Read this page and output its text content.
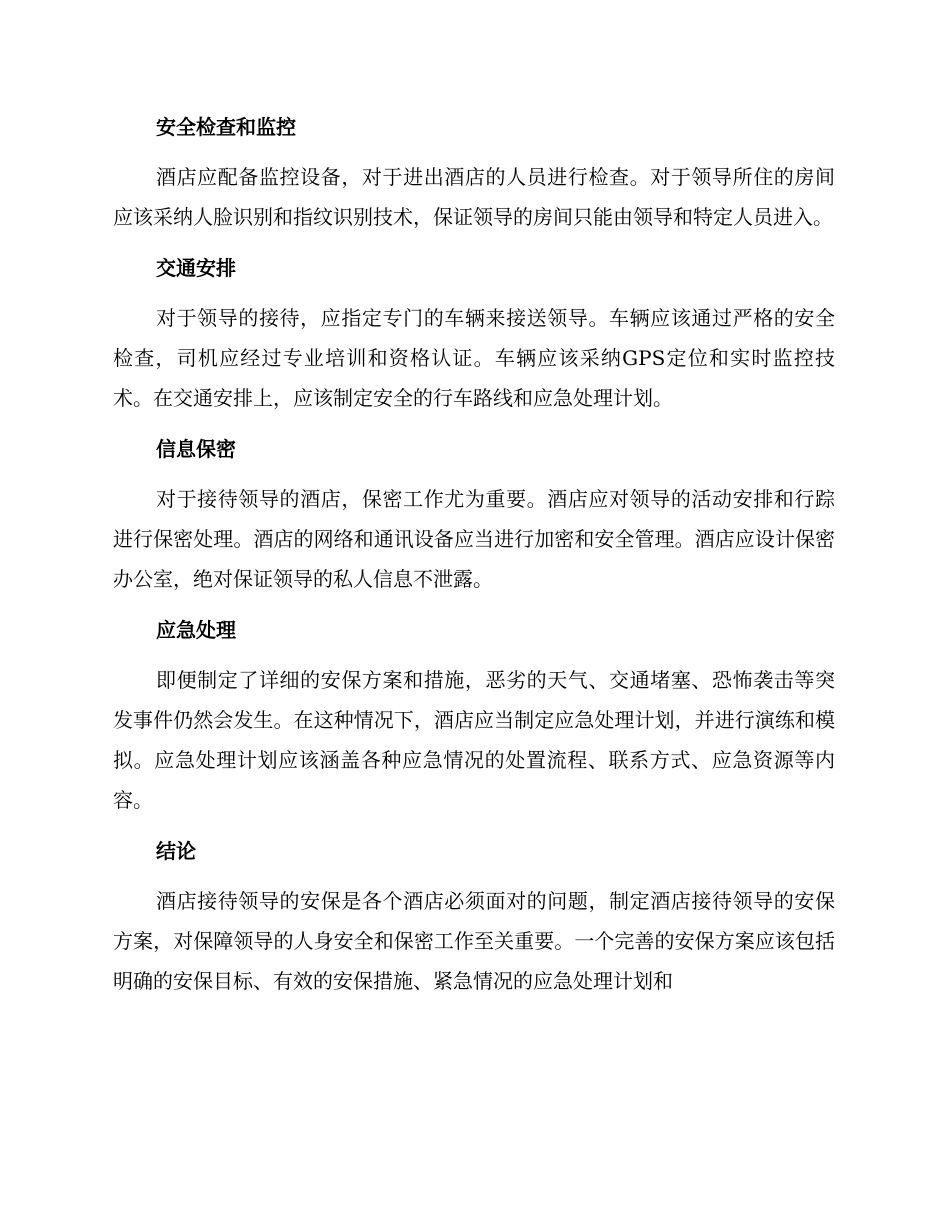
安全检查和监控

酒店应配备监控设备，对于进出酒店的人员进行检查。对于领导所住的房间应该采纳人脸识别和指纹识别技术，保证领导的房间只能由领导和特定人员进入。

交通安排

对于领导的接待，应指定专门的车辆来接送领导。车辆应该通过严格的安全检查，司机应经过专业培训和资格认证。车辆应该采纳GPS定位和实时监控技术。在交通安排上，应该制定安全的行车路线和应急处理计划。

信息保密

对于接待领导的酒店，保密工作尤为重要。酒店应对领导的活动安排和行踪进行保密处理。酒店的网络和通讯设备应当进行加密和安全管理。酒店应设计保密办公室，绝对保证领导的私人信息不泄露。

应急处理

即便制定了详细的安保方案和措施，恶劣的天气、交通堵塞、恐怖袭击等突发事件仍然会发生。在这种情况下，酒店应当制定应急处理计划，并进行演练和模拟。应急处理计划应该涵盖各种应急情况的处置流程、联系方式、应急资源等内容。

结论

酒店接待领导的安保是各个酒店必须面对的问题，制定酒店接待领导的安保方案，对保障领导的人身安全和保密工作至关重要。一个完善的安保方案应该包括明确的安保目标、有效的安保措施、紧急情况的应急处理计划和
